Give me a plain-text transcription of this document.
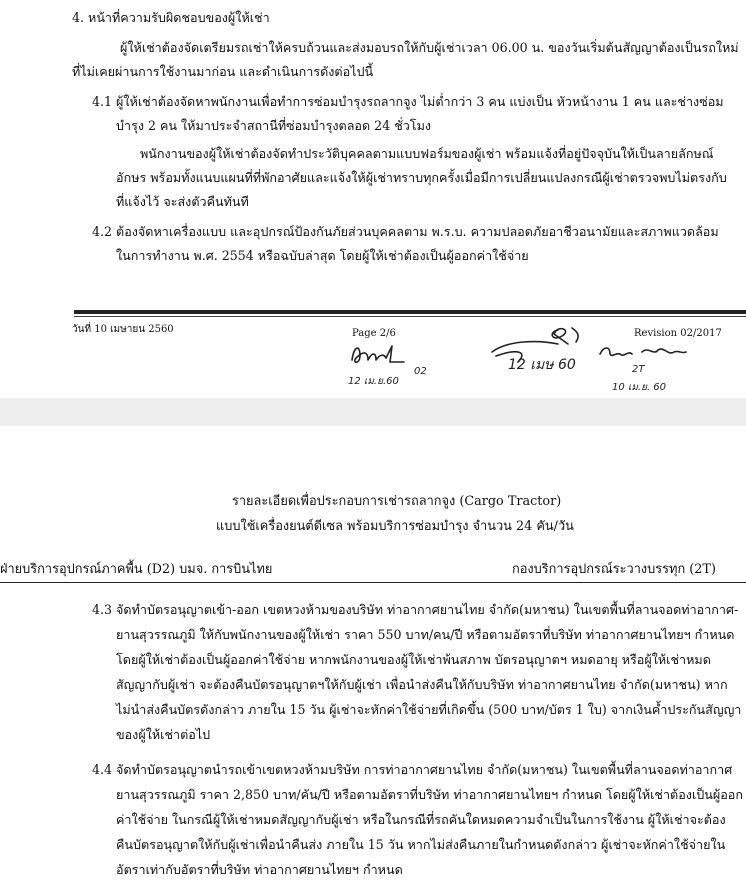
4. หน้าที่ความรับผิดชอบของผู้ให้เช่า
ผู้ให้เช่าต้องจัดเตรียมรถเช่าให้ครบถ้วนและส่งมอบรถให้กับผู้เช่าเวลา 06.00 น. ของวันเริ่มต้นสัญญาต้องเป็นรถใหม่
ที่ไม่เคยผ่านการใช้งานมาก่อน และดำเนินการดังต่อไปนี้
4.1 ผู้ให้เช่าต้องจัดหาพนักงานเพื่อทำการซ่อมบำรุงรถลากจูง ไม่ต่ำกว่า 3 คน แบ่งเป็น หัวหน้างาน 1 คน และช่างซ่อม
บำรุง 2 คน ให้มาประจำสถานีที่ซ่อมบำรุงตลอด 24 ชั่วโมง
พนักงานของผู้ให้เช่าต้องจัดทำประวัติบุคคลตามแบบฟอร์มของผู้เช่า พร้อมแจ้งที่อยู่ปัจจุบันให้เป็นลายลักษณ์
อักษร พร้อมทั้งแนบแผนที่ที่พักอาศัยและแจ้งให้ผู้เช่าทราบทุกครั้งเมื่อมีการเปลี่ยนแปลงกรณีผู้เช่าตรวจพบไม่ตรงกับ
ที่แจ้งไว้ จะส่งตัวคืนทันที
4.2 ต้องจัดหาเครื่องแบบ และอุปกรณ์ป้องกันภัยส่วนบุคคลตาม พ.ร.บ. ความปลอดภัยอาชีวอนามัยและสภาพแวดล้อม
ในการทำงาน พ.ศ. 2554 หรือฉบับล่าสุด โดยผู้ให้เช่าต้องเป็นผู้ออกค่าใช้จ่าย
วันที่ 10 เมษายน 2560	Page 2/6	Revision 02/2017
12 เม.ย.60
02	12 เมษ 60	2T
10 เม.ย. 60
รายละเอียดเพื่อประกอบการเช่ารถลากจูง (Cargo Tractor)
แบบใช้เครื่องยนต์ดีเซล พร้อมบริการซ่อมบำรุง จำนวน 24 คัน/วัน
ฝ่ายบริการอุปกรณ์ภาคพื้น (D2) บมจ. การบินไทย	กองบริการอุปกรณ์ระวางบรรทุก (2T)
4.3 จัดทำบัตรอนุญาตเข้า-ออก เขตหวงห้ามของบริษัท ท่าอากาศยานไทย จำกัด(มหาชน) ในเขตพื้นที่ลานจอดท่าอากาศ-
ยานสุวรรณภูมิ ให้กับพนักงานของผู้ให้เช่า ราคา 550 บาท/คน/ปี หรือตามอัตราที่บริษัท ท่าอากาศยานไทยฯ กำหนด
โดยผู้ให้เช่าต้องเป็นผู้ออกค่าใช้จ่าย หากพนักงานของผู้ให้เช่าพ้นสภาพ บัตรอนุญาตฯ หมดอายุ หรือผู้ให้เช่าหมด
สัญญากับผู้เช่า จะต้องคืนบัตรอนุญาตฯให้กับผู้เช่า เพื่อนำส่งคืนให้กับบริษัท ท่าอากาศยานไทย จำกัด(มหาชน) หาก
ไม่นำส่งคืนบัตรดังกล่าว ภายใน 15 วัน ผู้เช่าจะหักค่าใช้จ่ายที่เกิดขึ้น (500 บาท/บัตร 1 ใบ) จากเงินค้ำประกันสัญญา
ของผู้ให้เช่าต่อไป
4.4 จัดทำบัตรอนุญาตนำรถเข้าเขตหวงห้ามบริษัท การท่าอากาศยานไทย จำกัด(มหาชน) ในเขตพื้นที่ลานจอดท่าอากาศ
ยานสุวรรณภูมิ ราคา 2,850 บาท/คัน/ปี หรือตามอัตราที่บริษัท ท่าอากาศยานไทยฯ กำหนด โดยผู้ให้เช่าต้องเป็นผู้ออก
ค่าใช้จ่าย ในกรณีผู้ให้เช่าหมดสัญญากับผู้เช่า หรือในกรณีที่รถคันใดหมดความจำเป็นในการใช้งาน ผู้ให้เช่าจะต้อง
คืนบัตรอนุญาตให้กับผู้เช่าเพื่อนำคืนส่ง ภายใน 15 วัน หากไม่ส่งคืนภายในกำหนดดังกล่าว ผู้เช่าจะหักค่าใช้จ่ายใน
อัตราเท่ากับอัตราที่บริษัท ท่าอากาศยานไทยฯ กำหนด
